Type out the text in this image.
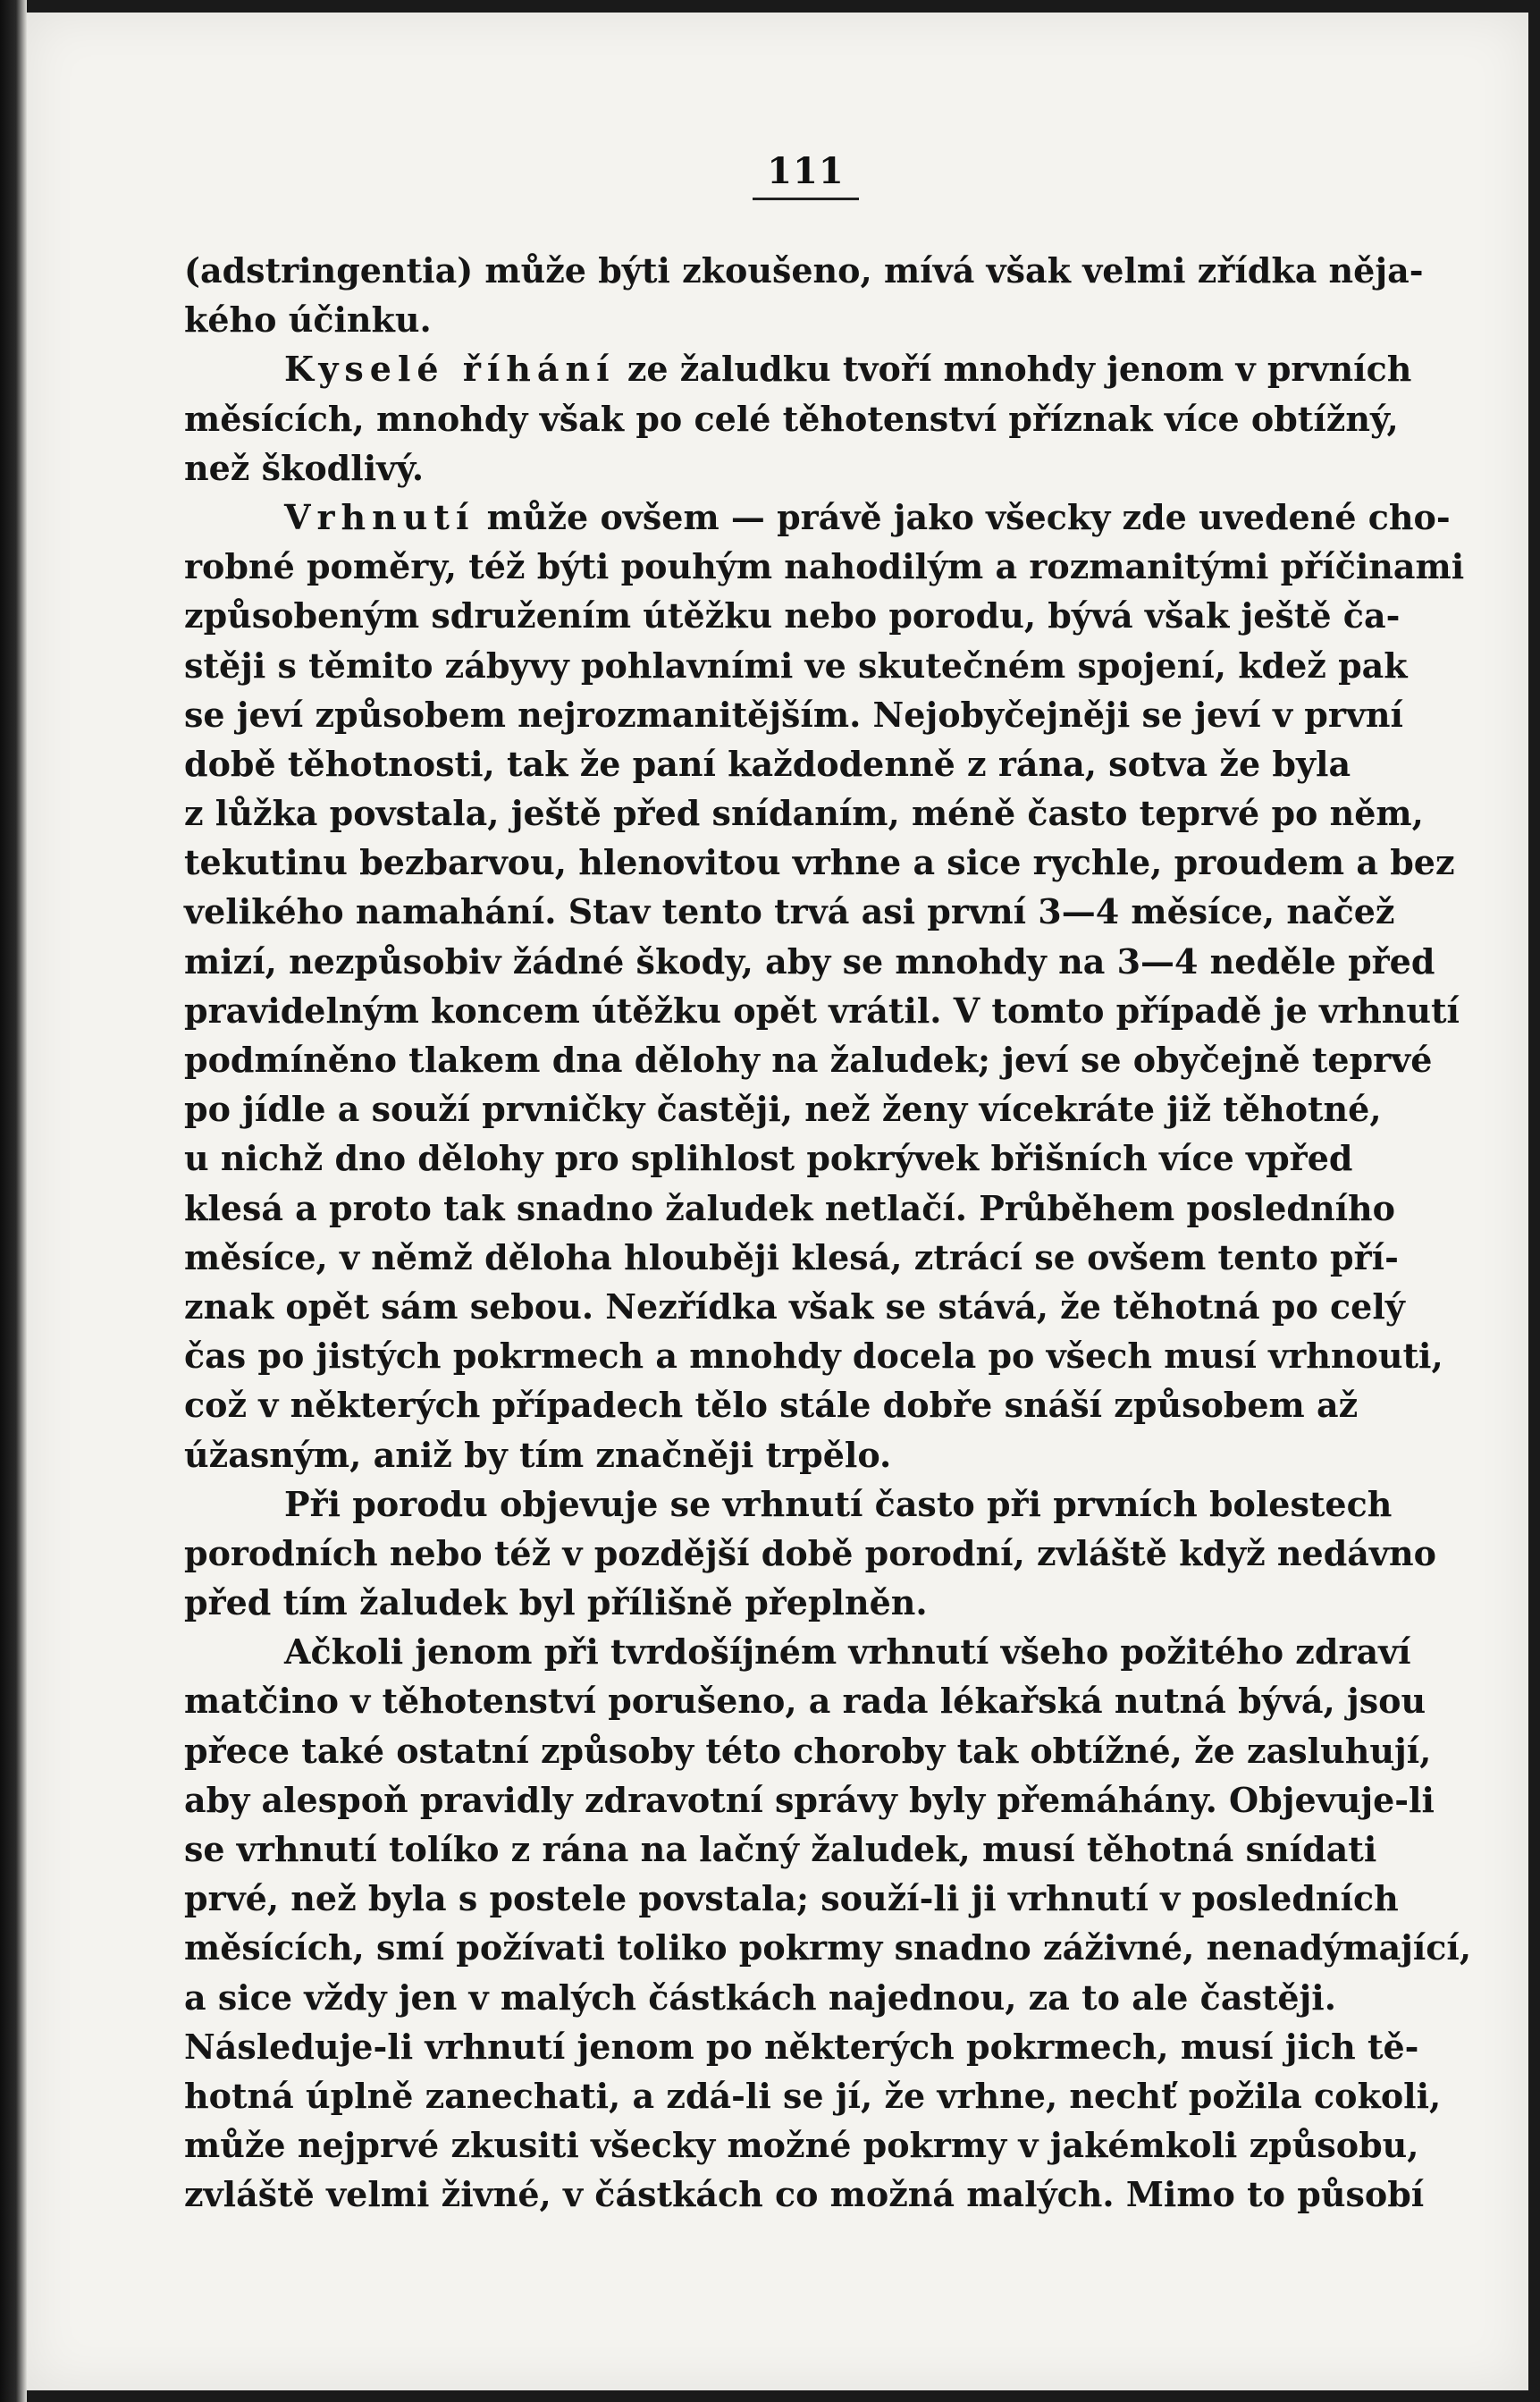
111
(adstringentia) může býti zkoušeno, mívá však velmi zřídka něja-
kého účinku.
Kyselé říhání ze žaludku tvoří mnohdy jenom v prvních
měsících, mnohdy však po celé těhotenství příznak více obtížný,
než škodlivý.
Vrhnutí může ovšem — právě jako všecky zde uvedené cho-
robné poměry, též býti pouhým nahodilým a rozmanitými příčinami
způsobeným sdružením útěžku nebo porodu, bývá však ještě ča-
stěji s těmito zábyvy pohlavními ve skutečném spojení, kdež pak
se jeví způsobem nejrozmanitějším. Nejobyčejněji se jeví v první
době těhotnosti, tak že paní každodenně z rána, sotva že byla
z lůžka povstala, ještě před snídaním, méně často teprvé po něm,
tekutinu bezbarvou, hlenovitou vrhne a sice rychle, proudem a bez
velikého namahání. Stav tento trvá asi první 3—4 měsíce, načež
mizí, nezpůsobiv žádné škody, aby se mnohdy na 3—4 neděle před
pravidelným koncem útěžku opět vrátil. V tomto případě je vrhnutí
podmíněno tlakem dna dělohy na žaludek; jeví se obyčejně teprvé
po jídle a souží prvničky častěji, než ženy vícekráte již těhotné,
u nichž dno dělohy pro splihlost pokrývek břišních více vpřed
klesá a proto tak snadno žaludek netlačí. Průběhem posledního
měsíce, v němž děloha hlouběji klesá, ztrácí se ovšem tento pří-
znak opět sám sebou. Nezřídka však se stává, že těhotná po celý
čas po jistých pokrmech a mnohdy docela po všech musí vrhnouti,
což v některých případech tělo stále dobře snáší způsobem až
úžasným, aniž by tím značněji trpělo.
Při porodu objevuje se vrhnutí často při prvních bolestech
porodních nebo též v pozdější době porodní, zvláště když nedávno
před tím žaludek byl přílišně přeplněn.
Ačkoli jenom při tvrdošíjném vrhnutí všeho požitého zdraví
matčino v těhotenství porušeno, a rada lékařská nutná bývá, jsou
přece také ostatní způsoby této choroby tak obtížné, že zasluhují,
aby alespoň pravidly zdravotní správy byly přemáhány. Objevuje-li
se vrhnutí tolíko z rána na lačný žaludek, musí těhotná snídati
prvé, než byla s postele povstala; souží-li ji vrhnutí v posledních
měsících, smí požívati toliko pokrmy snadno záživné, nenadýmající,
a sice vždy jen v malých částkách najednou, za to ale častěji.
Následuje-li vrhnutí jenom po některých pokrmech, musí jich tě-
hotná úplně zanechati, a zdá-li se jí, že vrhne, nechť požila cokoli,
může nejprvé zkusiti všecky možné pokrmy v jakémkoli způsobu,
zvláště velmi živné, v částkách co možná malých. Mimo to působí
